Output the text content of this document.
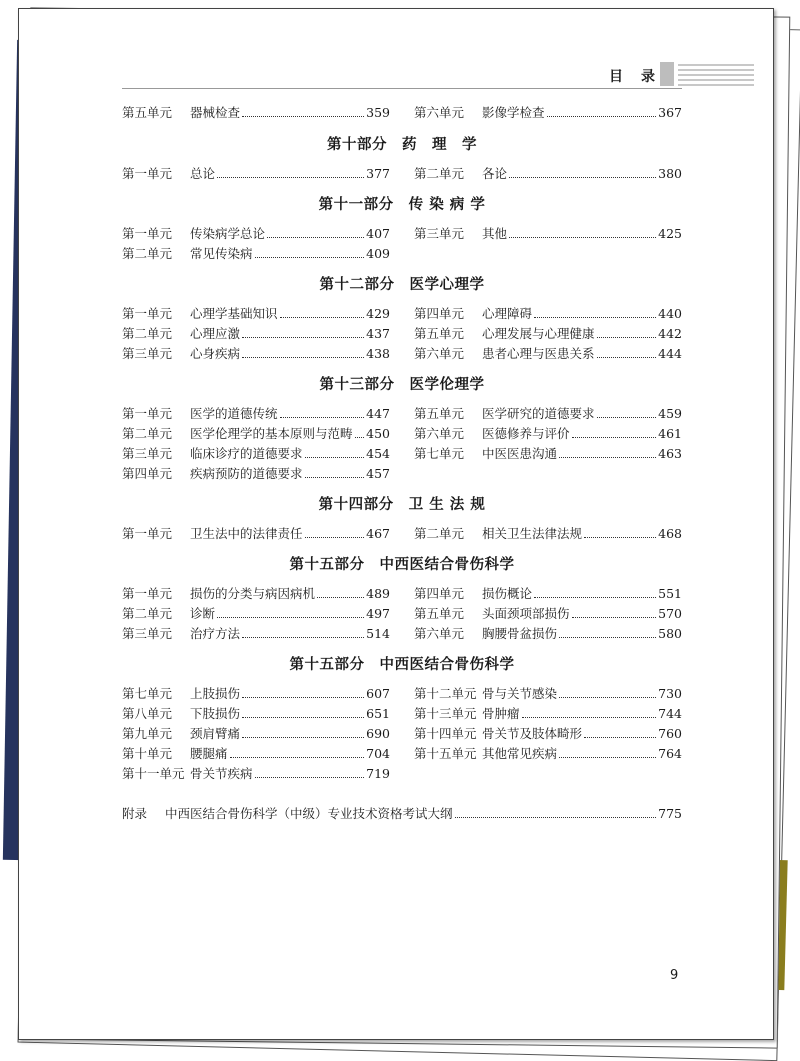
目　录
第五单元	器械检查	359 第六单元	影像学检查	367
第十部分　药　理　学
第一单元	总论	377 第二单元	各论	380
第十一部分　传 染 病 学
第一单元	传染病学总论	407 第三单元	其他	425
第二单元	常见传染病	409
第十二部分　医学心理学
第一单元	心理学基础知识	429 第四单元	心理障碍	440
第二单元	心理应激	437 第五单元	心理发展与心理健康	442
第三单元	心身疾病	438 第六单元	患者心理与医患关系	444
第十三部分　医学伦理学
第一单元	医学的道德传统	447 第五单元	医学研究的道德要求	459
第二单元	医学伦理学的基本原则与范畴 450 第六单元	医德修养与评价	461
第三单元	临床诊疗的道德要求	454 第七单元	中医医患沟通	463
第四单元	疾病预防的道德要求	457
第十四部分　卫 生 法 规
第一单元	卫生法中的法律责任	467 第二单元	相关卫生法律法规	468
第十五部分　中西医结合骨伤科学
第一单元	损伤的分类与病因病机	489 第四单元	损伤概论	551
第二单元	诊断	497 第五单元	头面颈项部损伤	570
第三单元	治疗方法	514 第六单元	胸腰骨盆损伤	580
第十五部分　中西医结合骨伤科学
第七单元	上肢损伤	607 第十二单元 骨与关节感染	730
第八单元	下肢损伤	651 第十三单元 骨肿瘤	744
第九单元	颈肩臂痛	690 第十四单元 骨关节及肢体畸形	760
第十单元	腰腿痛	704 第十五单元 其他常见疾病	764
第十一单元 骨关节疾病	719
附录 中西医结合骨伤科学（中级）专业技术资格考试大纲	775
9
